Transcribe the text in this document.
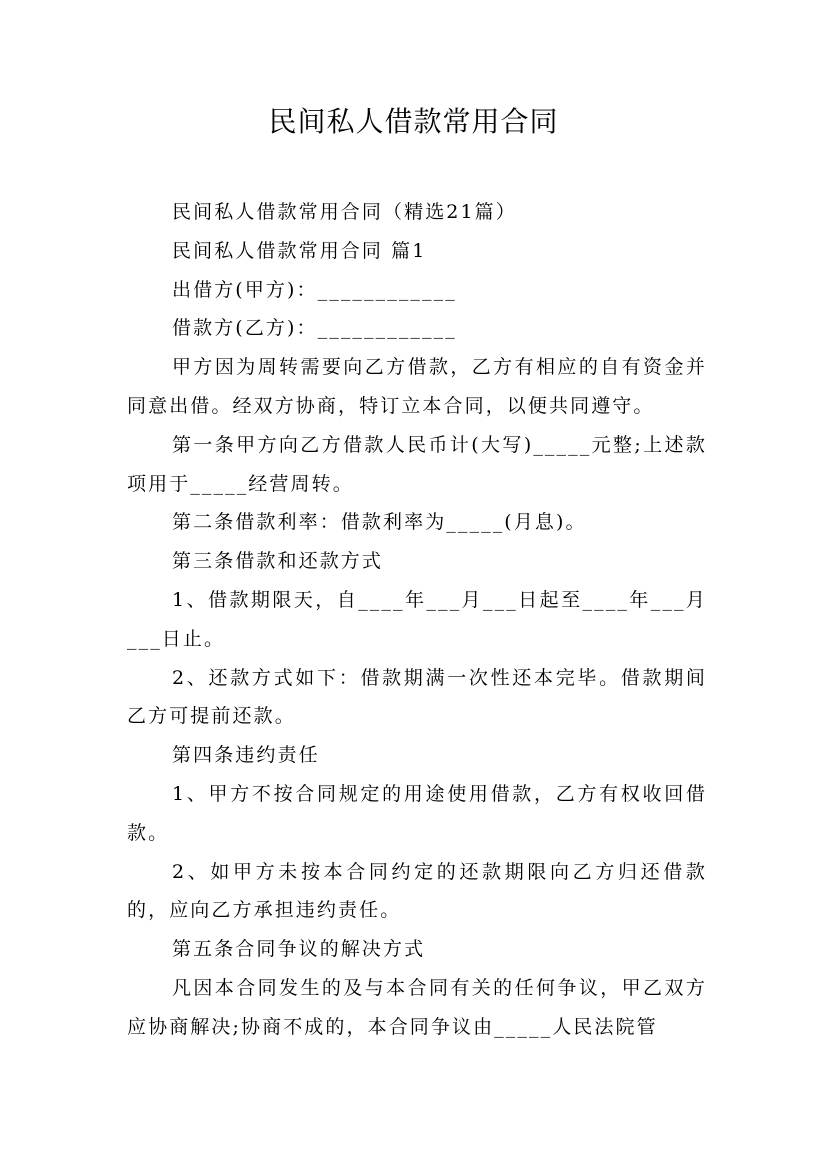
民间私人借款常用合同
民间私人借款常用合同（精选21篇）
民间私人借款常用合同 篇1
出借方(甲方)：____________
借款方(乙方)：____________
甲方因为周转需要向乙方借款，乙方有相应的自有资金并同意出借。经双方协商，特订立本合同，以便共同遵守。
第一条甲方向乙方借款人民币计(大写)_____元整;上述款项用于_____经营周转。
第二条借款利率：借款利率为_____(月息)。
第三条借款和还款方式
1、借款期限天，自____年___月___日起至____年___月___日止。
2、还款方式如下：借款期满一次性还本完毕。借款期间乙方可提前还款。
第四条违约责任
1、甲方不按合同规定的用途使用借款，乙方有权收回借款。
2、如甲方未按本合同约定的还款期限向乙方归还借款的，应向乙方承担违约责任。
第五条合同争议的解决方式
凡因本合同发生的及与本合同有关的任何争议，甲乙双方应协商解决;协商不成的，本合同争议由_____人民法院管
